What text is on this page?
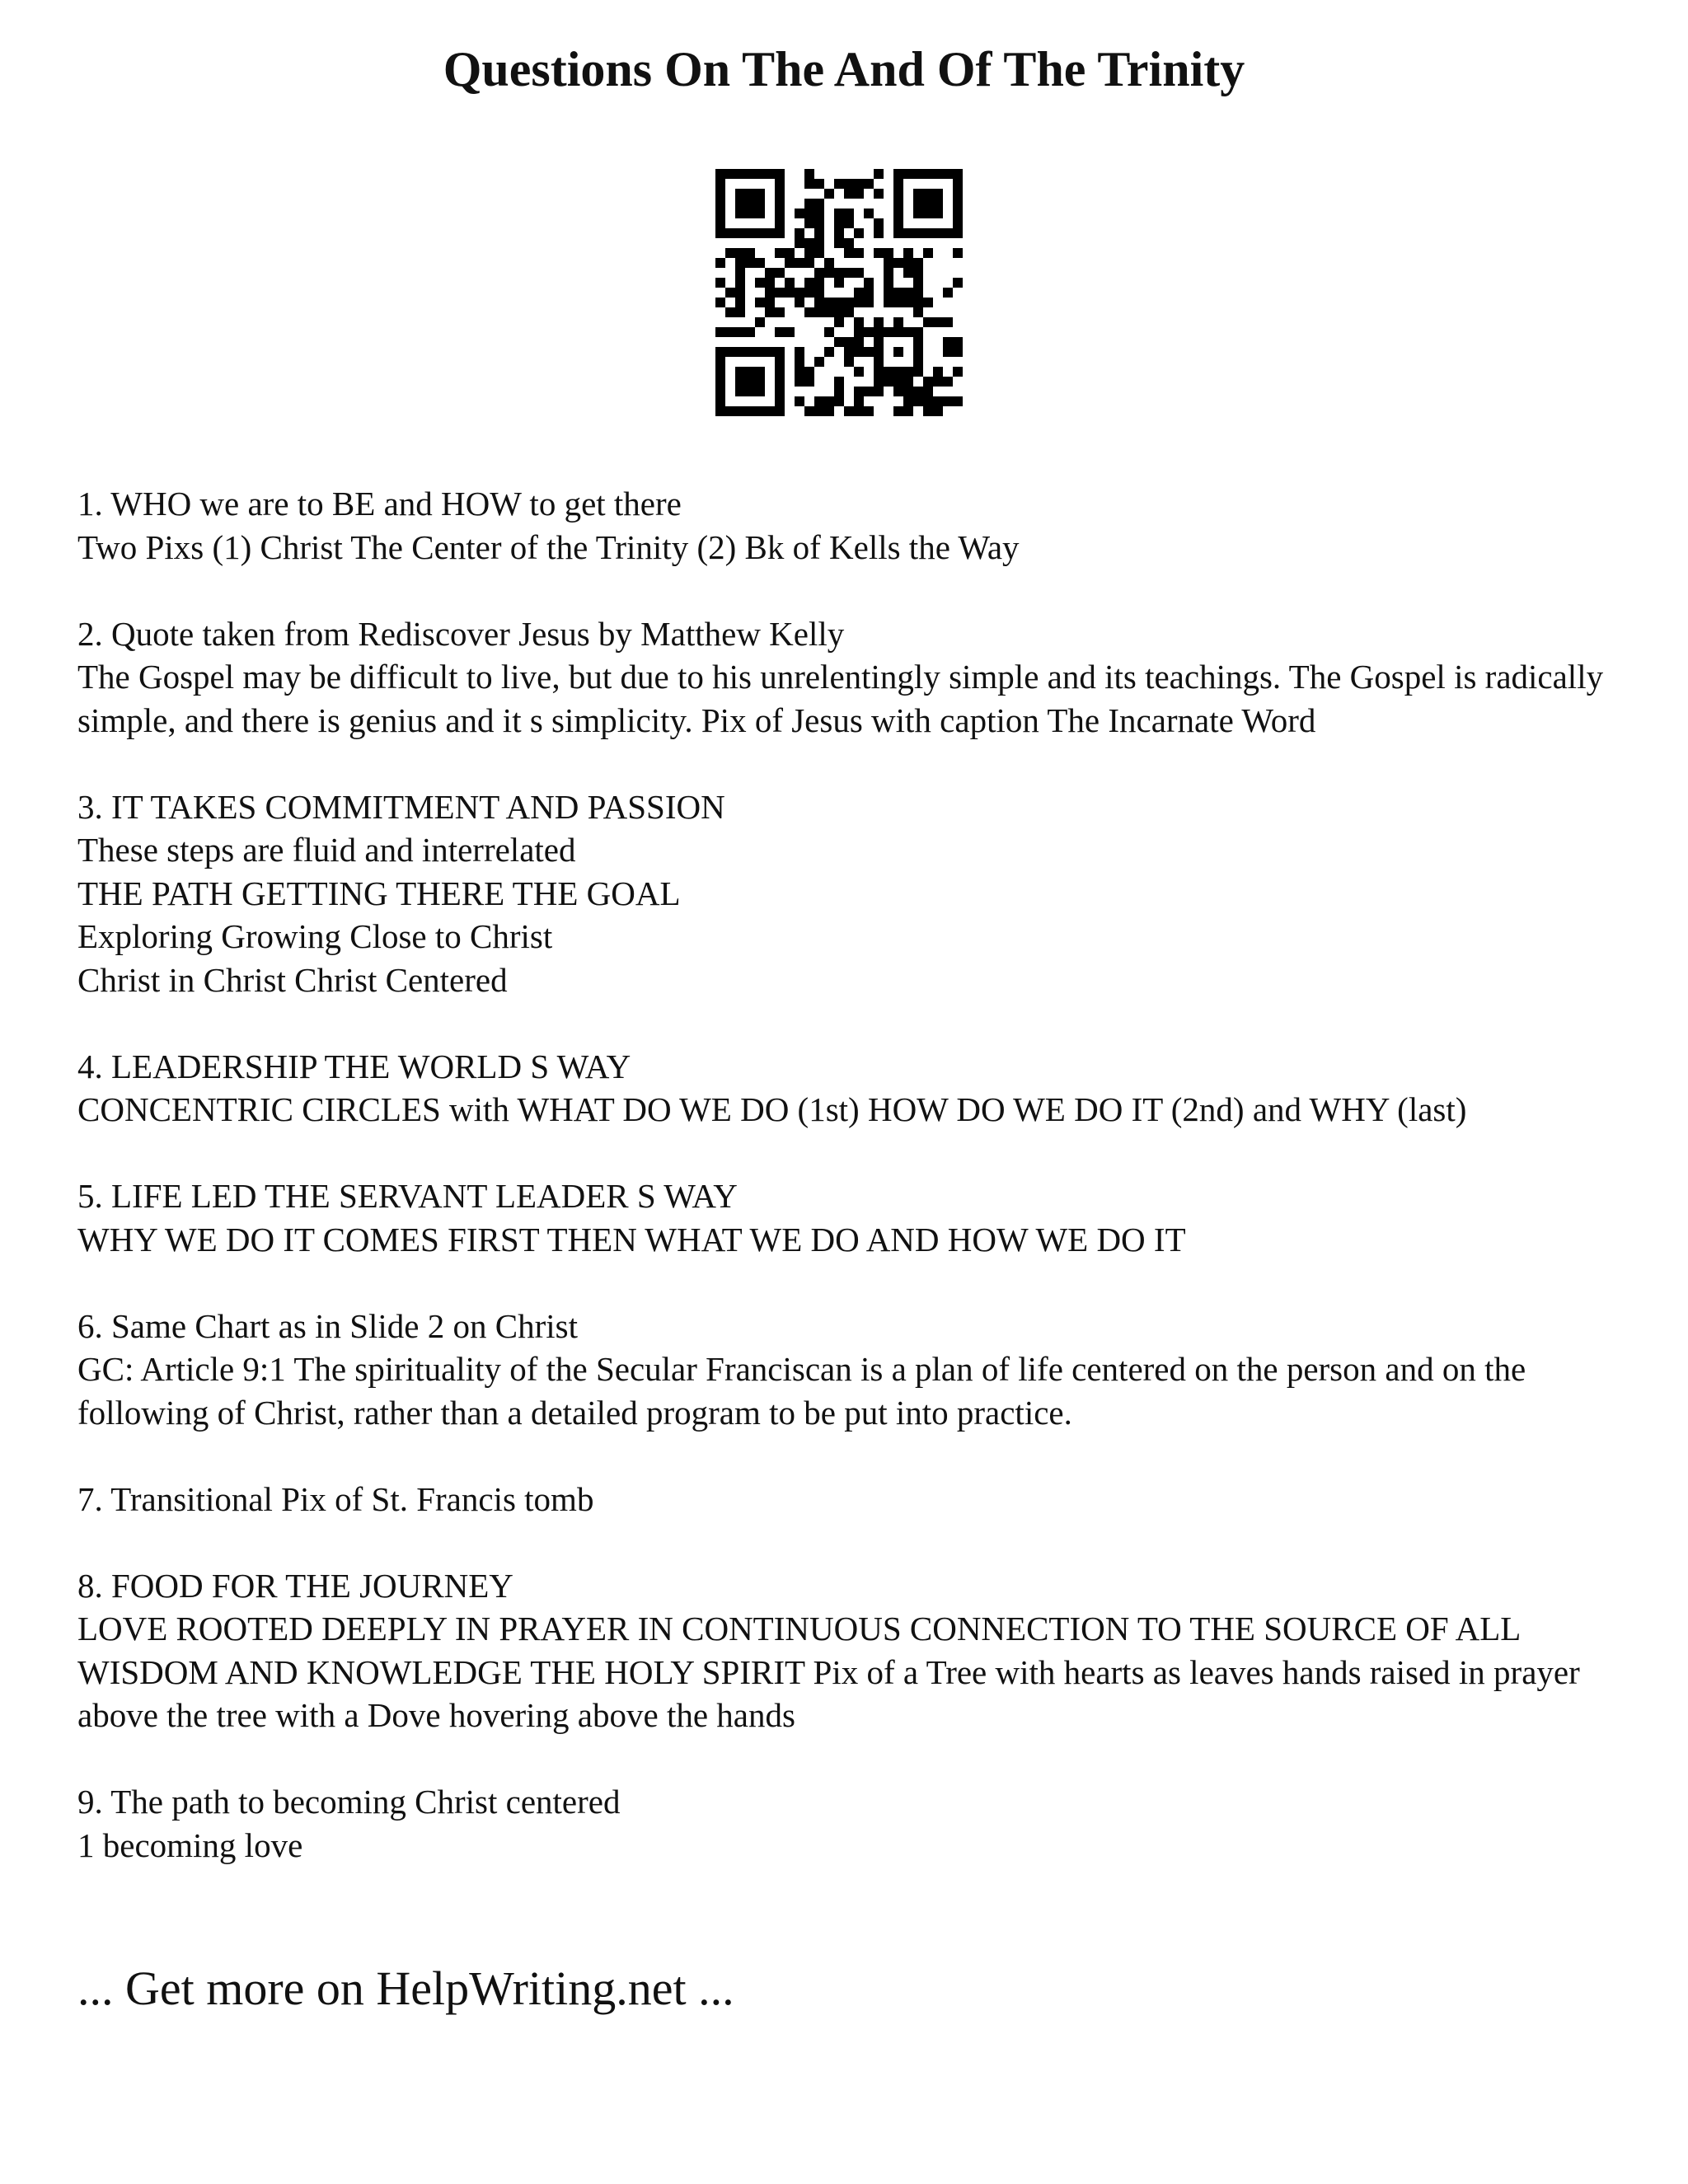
Questions On The And Of The Trinity

1. WHO we are to BE and HOW to get there

Two Pixs (1) Christ The Center of the Trinity (2) Bk of Kells the Way

2. Quote taken from Rediscover Jesus by Matthew Kelly

The Gospel may be difficult to live, but due to his unrelentingly simple and its teachings. The Gospel is radically simple, and there is genius and it s simplicity. Pix of Jesus with caption The Incarnate Word

3. IT TAKES COMMITMENT AND PASSION

These steps are fluid and interrelated

THE PATH GETTING THERE THE GOAL

Exploring Growing Close to Christ

Christ in Christ Christ Centered

4. LEADERSHIP THE WORLD S WAY

CONCENTRIC CIRCLES with WHAT DO WE DO (1st) HOW DO WE DO IT (2nd) and WHY (last)

5. LIFE LED THE SERVANT LEADER S WAY

WHY WE DO IT COMES FIRST THEN WHAT WE DO AND HOW WE DO IT

6. Same Chart as in Slide 2 on Christ

GC: Article 9:1 The spirituality of the Secular Franciscan is a plan of life centered on the person and on the following of Christ, rather than a detailed program to be put into practice.

7. Transitional Pix of St. Francis tomb

8. FOOD FOR THE JOURNEY

LOVE ROOTED DEEPLY IN PRAYER IN CONTINUOUS CONNECTION TO THE SOURCE OF ALL WISDOM AND KNOWLEDGE THE HOLY SPIRIT Pix of a Tree with hearts as leaves hands raised in prayer above the tree with a Dove hovering above the hands

9. The path to becoming Christ centered

1 becoming love

... Get more on HelpWriting.net ...
